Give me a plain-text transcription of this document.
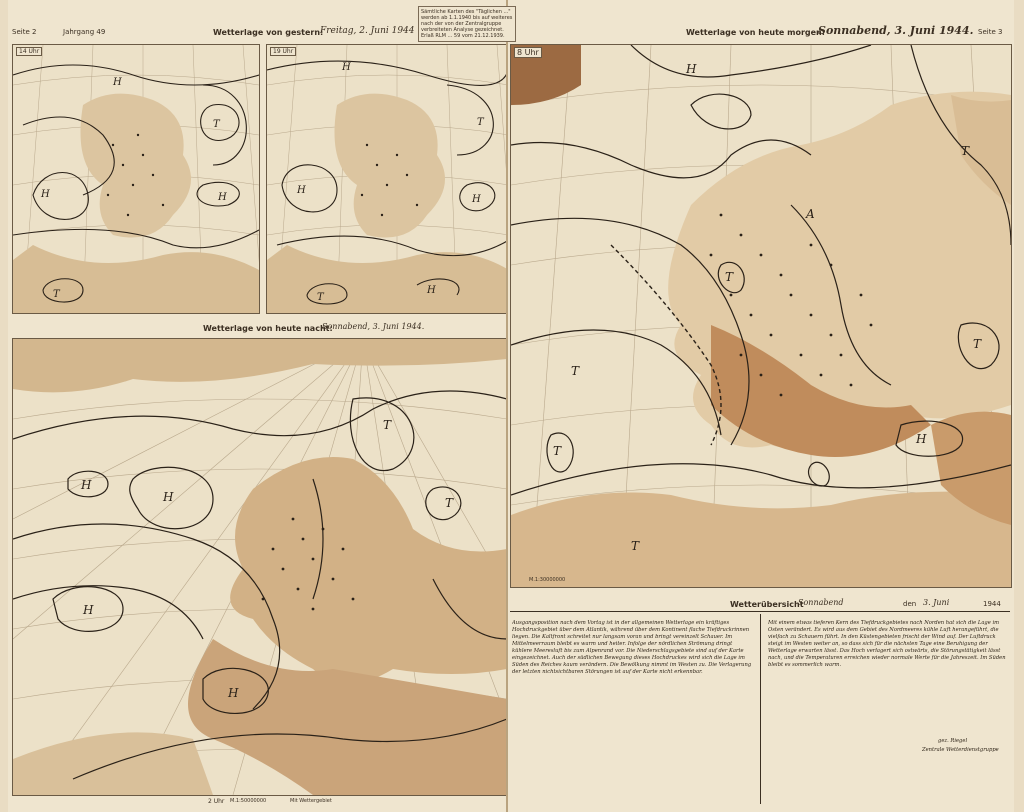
Seite 2	Jahrgang 49	Wetterlage von gestern:
Freitag, 2. Juni 1944
H
T
H
T
H
14 Uhr
H
T
H
T
H
H
19 Uhr
Wetterlage von heute nacht:
Sonnabend, 3. Juni 1944.
H
H
T
H
T
H
2 Uhr M.1:50000000	Mit Wettergebiet
Wetterlage von heute morgen:
Sonnabend, 3. Juni 1944. Seite 3
H
H
T
T
T
A
T
T
T
8 Uhr
M.1:30000000
Wetterübersicht
Sonnabend	den 3. Juni	1944
Ausgangsposition nach dem Vortag ist in der allgemeinen Wetterlage ein kräftiges Hochdruckgebiet über dem Atlantik, während über dem Kontinent flache Tiefdruckrinnen liegen. Die Kaltfront schreitet nur langsam voran und bringt vereinzelt Schauer. Im Mittelmeerraum bleibt es warm und heiter. Infolge der nördlichen Strömung dringt kühlere Meeresluft bis zum Alpenrand vor. Die Niederschlagsgebiete sind auf der Karte eingezeichnet. Auch der südlichen Bewegung dieses Hochdruckes wird sich die Lage im Süden des Reiches kaum verändern. Die Bewölkung nimmt im Westen zu. Die Verlagerung der letzten nichtsichtbaren Störungen ist auf der Karte nicht erkennbar.
Mit einem etwas tieferen Kern des Tiefdruckgebietes nach Norden hat sich die Lage im Osten verändert. Es wird aus dem Gebiet des Nordmeeres kühle Luft herangeführt, die vielfach zu Schauern führt. In den Küstengebieten frischt der Wind auf. Der Luftdruck steigt im Westen weiter an, so dass sich für die nächsten Tage eine Beruhigung der Wetterlage erwarten lässt. Das Hoch verlagert sich ostwärts, die Störungstätigkeit lässt nach, und die Temperaturen erreichen wieder normale Werte für die Jahreszeit. Im Süden bleibt es sommerlich warm.
gez. Riegel
Zentrale Wetterdienstgruppe
Sämtliche Karten des "Täglichen ..." werden ab 1.1.1940 bis auf weiteres nach der von der Zentralgruppe verbreiteten Analyse gezeichnet. Erlaß RLM ... 59 vom 21.12.1939.
